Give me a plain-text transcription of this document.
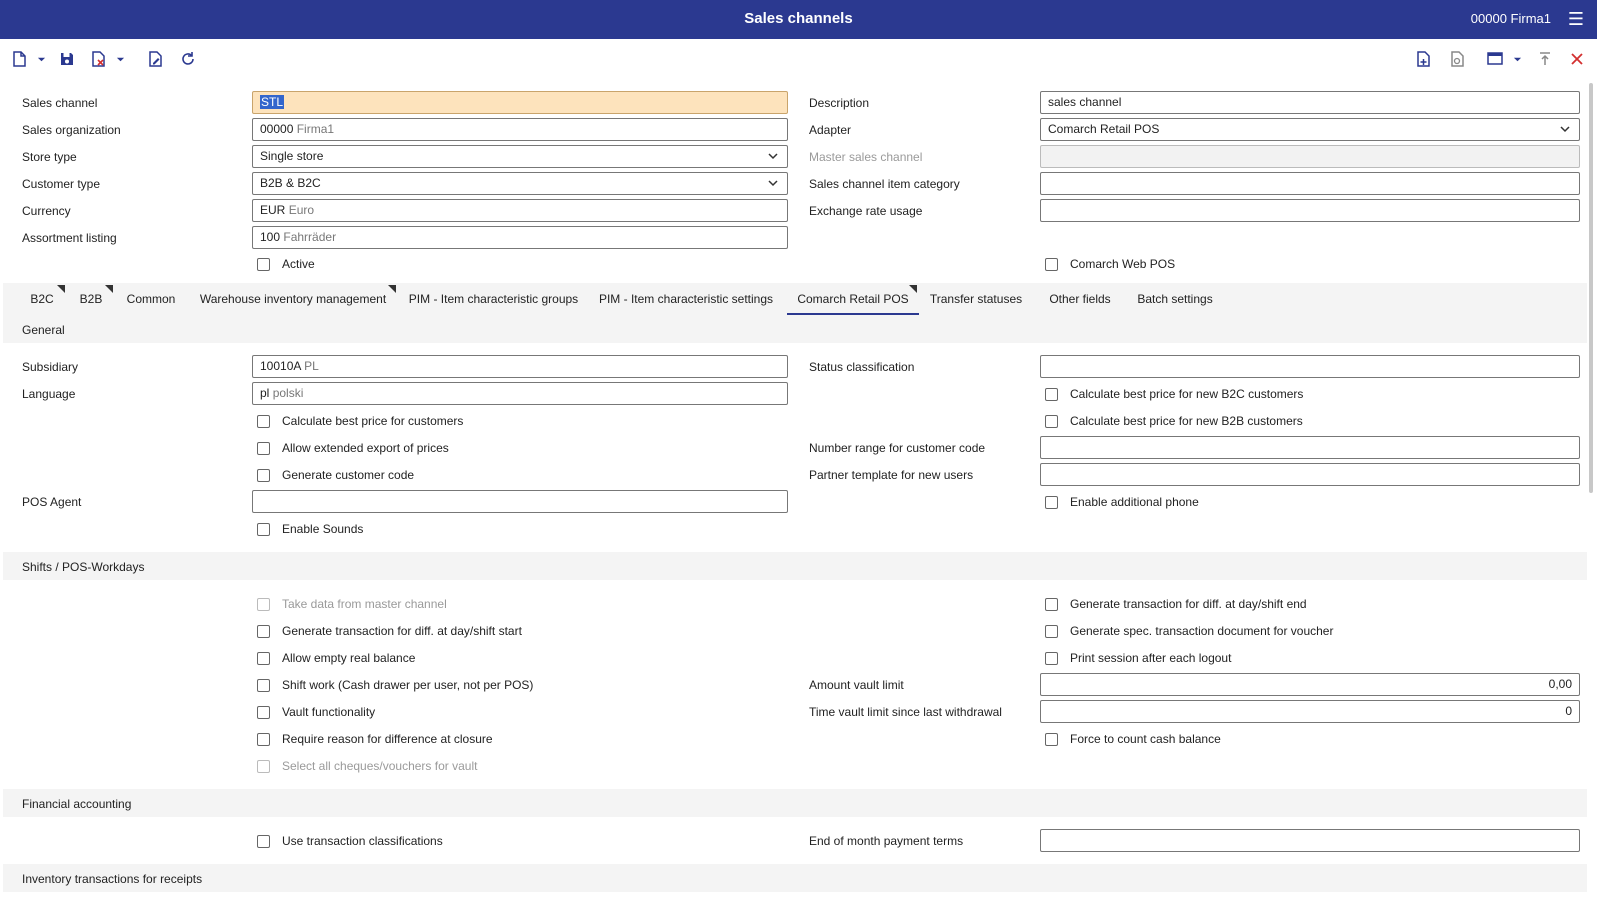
Sales channels	00000 Firma1 ☰
Sales channel	STL	Description	sales channel
Sales organization	00000 Firma1	Adapter	Comarch Retail POS
Store type	Single store	Master sales channel
Customer type	B2B & B2C	Sales channel item category
Currency	EUR Euro	Exchange rate usage
Assortment listing	100 Fahrräder
Active	Comarch Web POS
B2C	B2B	Common	Warehouse inventory management	PIM - Item characteristic groups	PIM - Item characteristic settings	Comarch Retail POS	Transfer statuses	Other fields	Batch settings
General
Subsidiary	10010A PL	Status classification
Language	pl polski	Calculate best price for new B2C customers
Calculate best price for customers	Calculate best price for new B2B customers
Allow extended export of prices	Number range for customer code
Generate customer code	Partner template for new users
POS Agent	Enable additional phone
Enable Sounds
Shifts / POS-Workdays
Take data from master channel	Generate transaction for diff. at day/shift end
Generate transaction for diff. at day/shift start	Generate spec. transaction document for voucher
Allow empty real balance	Print session after each logout
Shift work (Cash drawer per user, not per POS)	Amount vault limit	0,00
Vault functionality	Time vault limit since last withdrawal	0
Require reason for difference at closure	Force to count cash balance
Select all cheques/vouchers for vault
Financial accounting
Use transaction classifications	End of month payment terms
Inventory transactions for receipts
